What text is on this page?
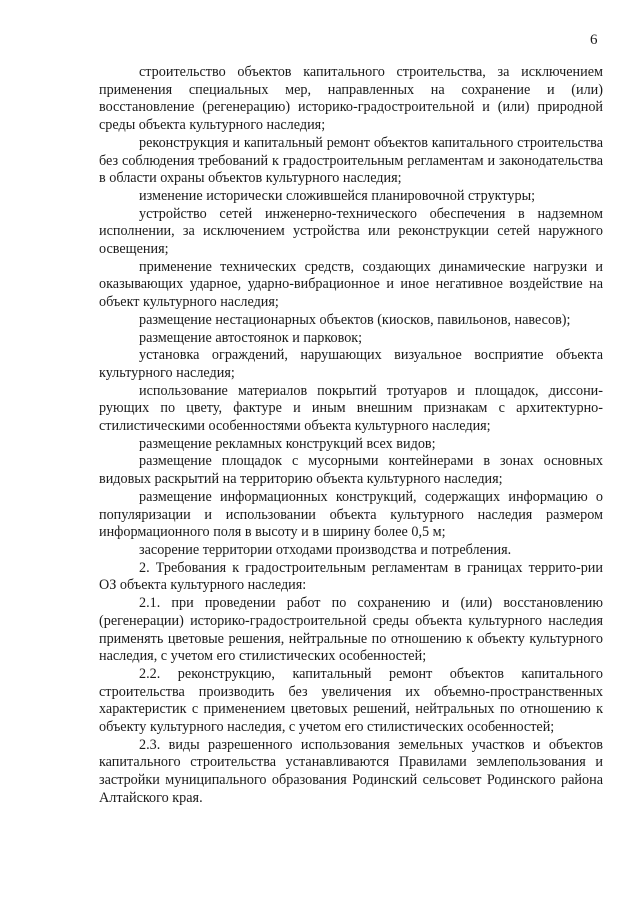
6

строительство объектов капитального строительства, за исключением применения специальных мер, направленных на сохранение и (или) восстановление (регенерацию) историко-градостроительной и (или) природной среды объекта культурного наследия;

реконструкция и капитальный ремонт объектов капитального строительства без соблюдения требований к градостроительным регламентам и законодательства в области охраны объектов культурного наследия;

изменение исторически сложившейся планировочной структуры;

устройство сетей инженерно-технического обеспечения в надземном исполнении, за исключением устройства или реконструкции сетей наружного освещения;

применение технических средств, создающих динамические нагрузки и оказывающих ударное, ударно-вибрационное и иное негативное воздействие на объект культурного наследия;

размещение нестационарных объектов (киосков, павильонов, навесов);

размещение автостоянок и парковок;

установка ограждений, нарушающих визуальное восприятие объекта культурного наследия;

использование материалов покрытий тротуаров и площадок, диссони-рующих по цвету, фактуре и иным внешним признакам с архитектурно-стилистическими особенностями объекта культурного наследия;

размещение рекламных конструкций всех видов;

размещение площадок с мусорными контейнерами в зонах основных видовых раскрытий на территорию объекта культурного наследия;

размещение информационных конструкций, содержащих информацию о популяризации и использовании объекта культурного наследия размером информационного поля в высоту и в ширину более 0,5 м;

засорение территории отходами производства и потребления.

2. Требования к градостроительным регламентам в границах террито-рии ОЗ объекта культурного наследия:

2.1. при проведении работ по сохранению и (или) восстановлению (регенерации) историко-градостроительной среды объекта культурного наследия применять цветовые решения, нейтральные по отношению к объекту культурного наследия, с учетом его стилистических особенностей;

2.2. реконструкцию, капитальный ремонт объектов капитального строительства производить без увеличения их объемно-пространственных характеристик с применением цветовых решений, нейтральных по отношению к объекту культурного наследия, с учетом его стилистических особенностей;

2.3. виды разрешенного использования земельных участков и объектов капитального строительства устанавливаются Правилами землепользования и застройки муниципального образования Родинский сельсовет Родинского района Алтайского края.
